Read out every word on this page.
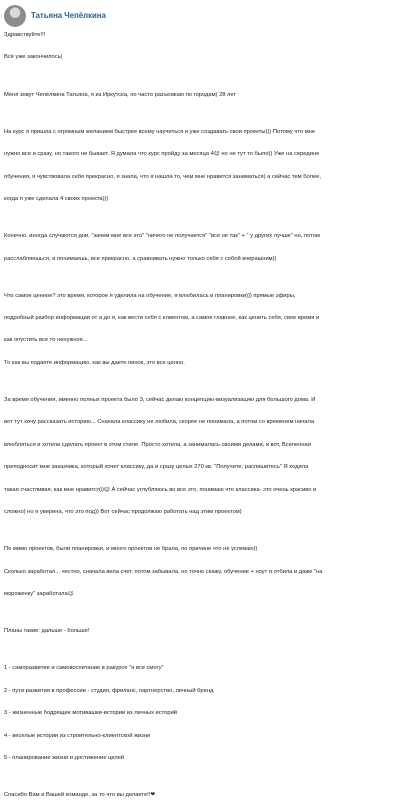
Татьяна Чепёлкина

Здравствуйте!!!

Всё уже закончилось(

Меня зовут Чепёлкина Татьяна, я из Иркутска, но часто разъезжаю по городам) 28 лет

На курс я пришла с огромным желанием быстрее всему научиться и уже создавать свои проекты))) Потому что мне

нужно все и сразу, но такого не бывает. Я думала что курс пройду за месяца 4😊 но не тут то было)) Уже на середине

обучения, я чувствовала себя прекрасно, я знала, что я нашла то, чем мне нравится заниматься) а сейчас тем более,

когда я уже сделала 4 своих проекта)))

Конечно, иногда случаются дни, "зачем мне все это" "ничего не получается" "все не так" + " у других лучше" но, потом

расслабляешься, и понимаешь, все прекрасно, а сравнивать нужно только себя с собой вчерашним))

Что самое ценное? это время, которое я уделила на обучение, я влюбилась в планировки))) прямые эфиры,

подробный разбор информации от а до я, как вести себя с клиентом, а самое главное, как ценить себя, свое время и

как опустить все то ненужное...

То как вы подаете информацию, как вы даете пинок, это все ценно.

За время обучения, именно полных проекта было 3, сейчас делаю концепцию-визуализацию для большого дома. И

вот тут хочу рассказать историю... Сначала классику не любила, скорее не понимала, а потом со временем начала

влюбляться и хотела сделать проект в этом стиле. Просто хотела, а занималась своими делами, и вот, Вселенная

преподносит мне заказчика, который хочет классику, да и сразу целых 270 кв. "Получите, распишитесь" Я ходила

такая счастливая, как мне нравится))😊 А сейчас углубляюсь во все это, понимаю что классика- это очень красиво и

сложно) но я уверена, что это под)) Вот сейчас продолжаю работать над этим проектом)

По мимо проектов, были планировки, и много проектов не брала, по причине что не успеваю))

Сколько заработал... честно, сначала вела счет, потом забывала, но точно скажу, обучение + ноут я отбила и даже "на

мороженку" заработала😉

Планы такие: дальше - больше!

1 - саморазвитие и самовоспитание в ракурсе "я все смогу"

2 - пути развития в профессии - студия, фриланс, партнерство, личный бренд

3 - жизненные бодрящие мотивашки-истории из личных историй

4 - веселые истории из строительно-клиентской жизни

5 - планирование жизни и достижение целей

Спасибо Вам и Вашей команде, за то что вы делаете!!❤
